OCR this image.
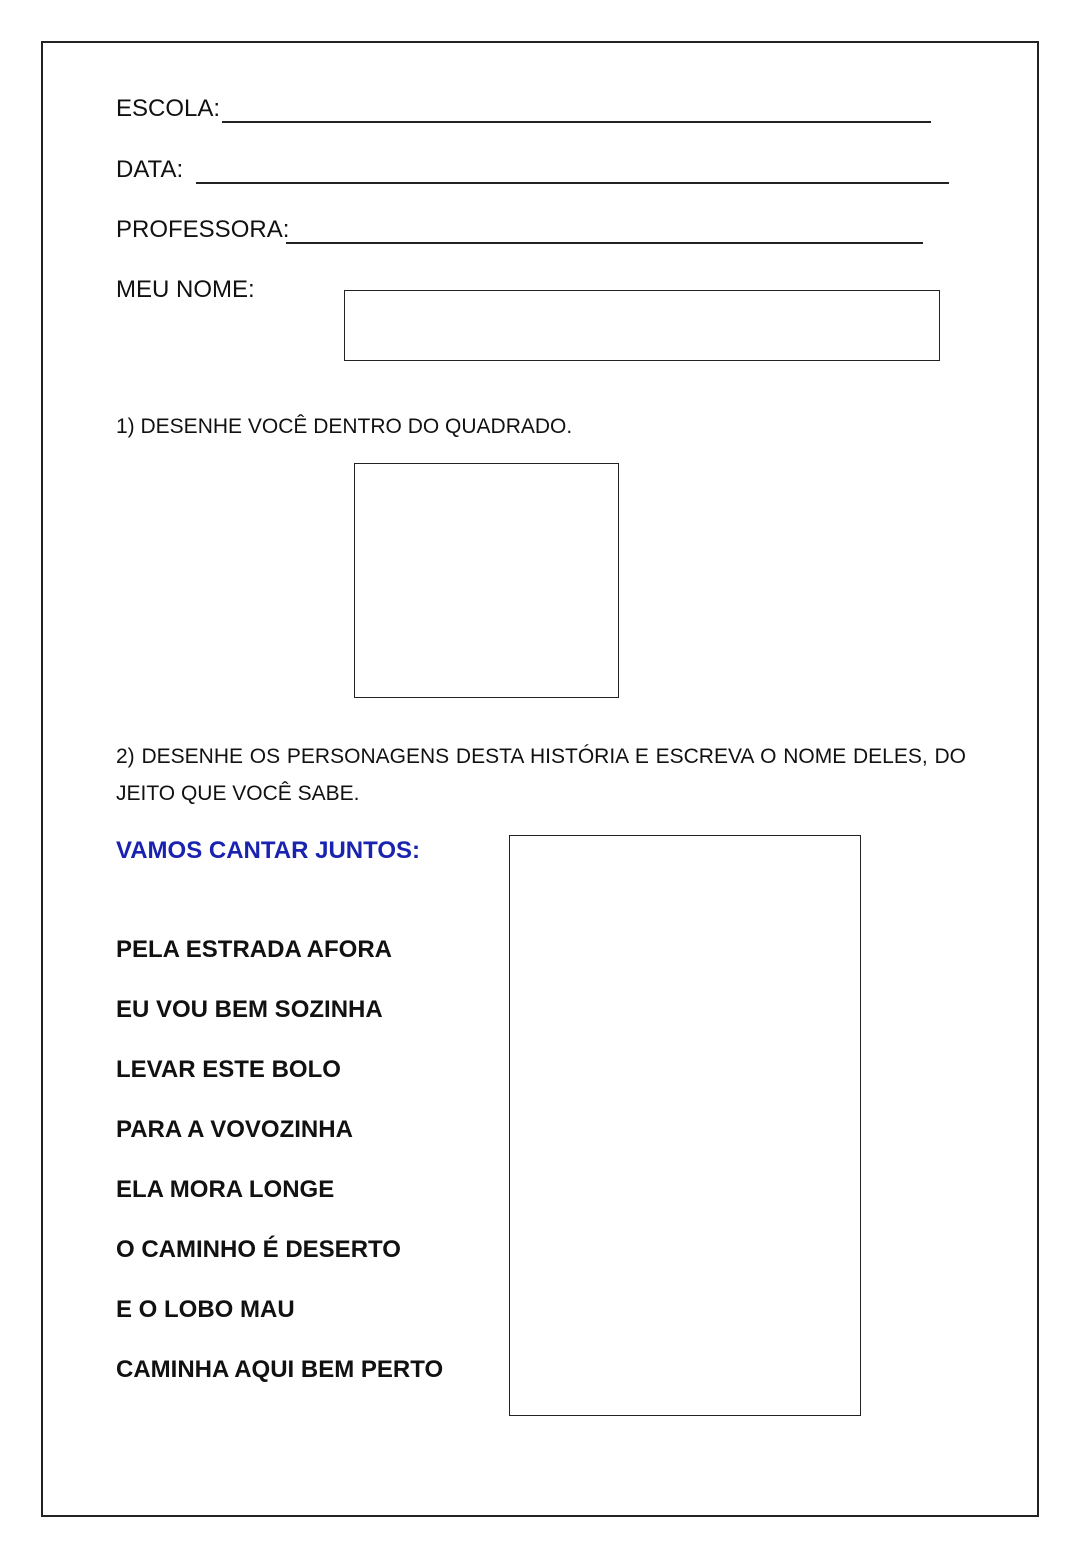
ESCOLA:
DATA:
PROFESSORA:
MEU NOME:
1) DESENHE VOCÊ DENTRO DO QUADRADO.
2) DESENHE OS PERSONAGENS DESTA HISTÓRIA E ESCREVA O NOME DELES, DO JEITO QUE VOCÊ SABE.
VAMOS CANTAR JUNTOS:
PELA ESTRADA AFORA
EU VOU BEM SOZINHA
LEVAR ESTE BOLO
PARA A VOVOZINHA
ELA MORA LONGE
O CAMINHO É DESERTO
E O LOBO MAU
CAMINHA AQUI BEM PERTO
